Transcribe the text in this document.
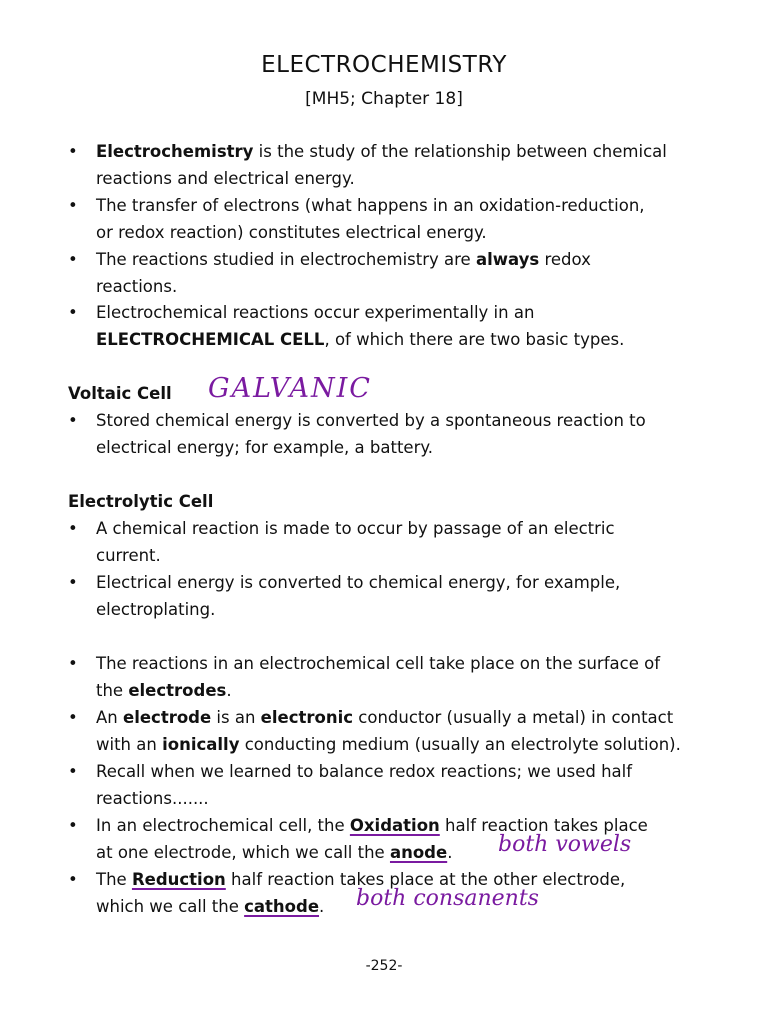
ELECTROCHEMISTRY
[MH5; Chapter 18]
• Electrochemistry is the study of the relationship between chemical
reactions and electrical energy.
• The transfer of electrons (what happens in an oxidation-reduction,
or redox reaction) constitutes electrical energy.
• The reactions studied in electrochemistry are always redox
reactions.
• Electrochemical reactions occur experimentally in an
ELECTROCHEMICAL CELL, of which there are two basic types.
Voltaic Cell GALVANIC
• Stored chemical energy is converted by a spontaneous reaction to
electrical energy; for example, a battery.
Electrolytic Cell
• A chemical reaction is made to occur by passage of an electric
current.
• Electrical energy is converted to chemical energy, for example,
electroplating.
• The reactions in an electrochemical cell take place on the surface of
the electrodes.
• An electrode is an electronic conductor (usually a metal) in contact
with an ionically conducting medium (usually an electrolyte solution).
• Recall when we learned to balance redox reactions; we used half
reactions.......
• In an electrochemical cell, the Oxidation half reaction takes place
at one electrode, which we call the anode. both vowels
• The Reduction half reaction takes place at the other electrode,
which we call the cathode. both consanents
-252-
